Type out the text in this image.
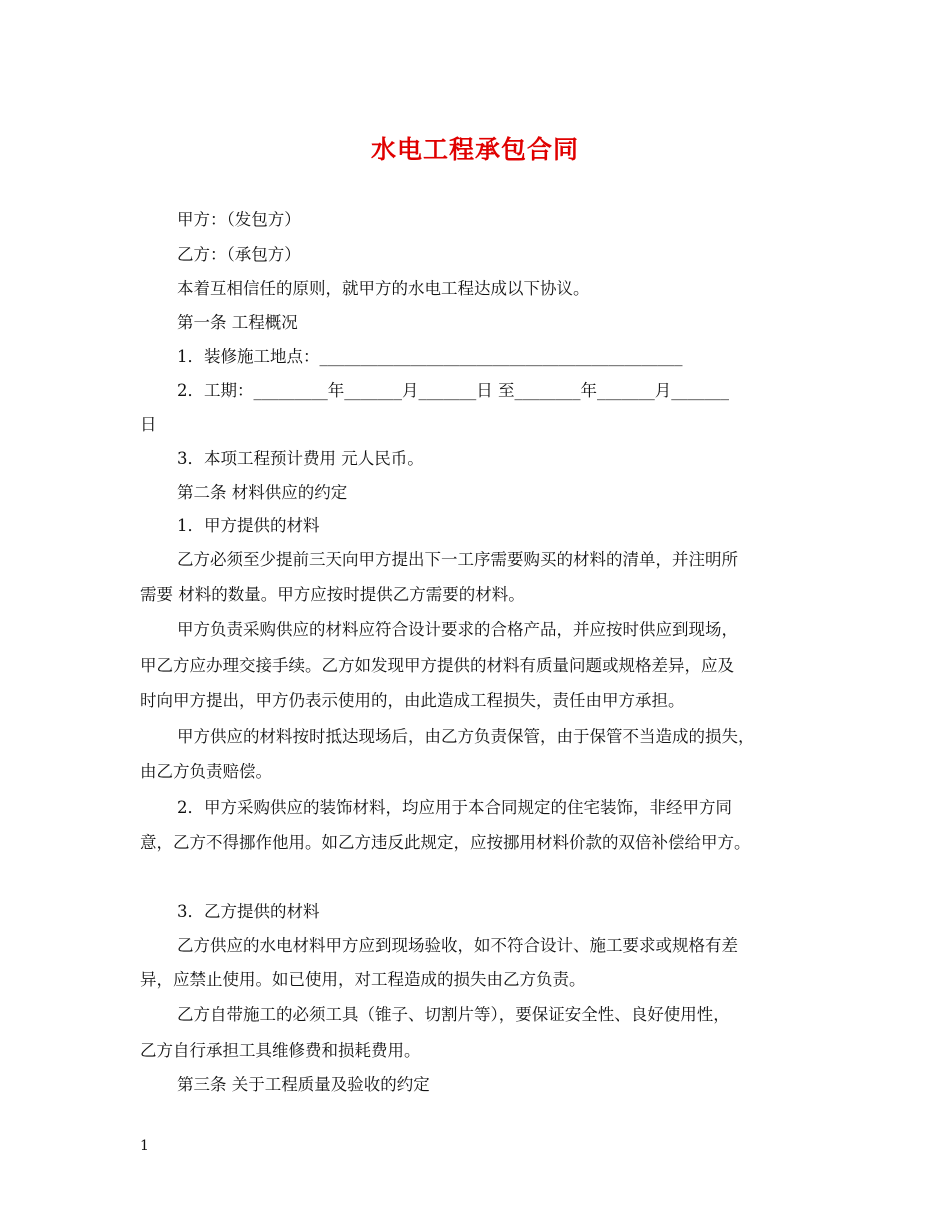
水电工程承包合同
甲方：（发包方）
乙方：（承包方）
本着互相信任的原则，就甲方的水电工程达成以下协议。
第一条 工程概况
1．装修施工地点：____________________________________________
2．工期：_________年_______月_______日 至________年_______月_______
日
3．本项工程预计费用 元人民币。
第二条 材料供应的约定
1．甲方提供的材料
乙方必须至少提前三天向甲方提出下一工序需要购买的材料的清单，并注明所
需要 材料的数量。甲方应按时提供乙方需要的材料。
甲方负责采购供应的材料应符合设计要求的合格产品，并应按时供应到现场，
甲乙方应办理交接手续。乙方如发现甲方提供的材料有质量问题或规格差异，应及
时向甲方提出，甲方仍表示使用的，由此造成工程损失，责任由甲方承担。
甲方供应的材料按时抵达现场后，由乙方负责保管，由于保管不当造成的损失，
由乙方负责赔偿。
2．甲方采购供应的装饰材料，均应用于本合同规定的住宅装饰，非经甲方同
意，乙方不得挪作他用。如乙方违反此规定，应按挪用材料价款的双倍补偿给甲方。
3．乙方提供的材料
乙方供应的水电材料甲方应到现场验收，如不符合设计、施工要求或规格有差
异，应禁止使用。如已使用，对工程造成的损失由乙方负责。
乙方自带施工的必须工具（锥子、切割片等），要保证安全性、良好使用性，
乙方自行承担工具维修费和损耗费用。
第三条 关于工程质量及验收的约定
1
